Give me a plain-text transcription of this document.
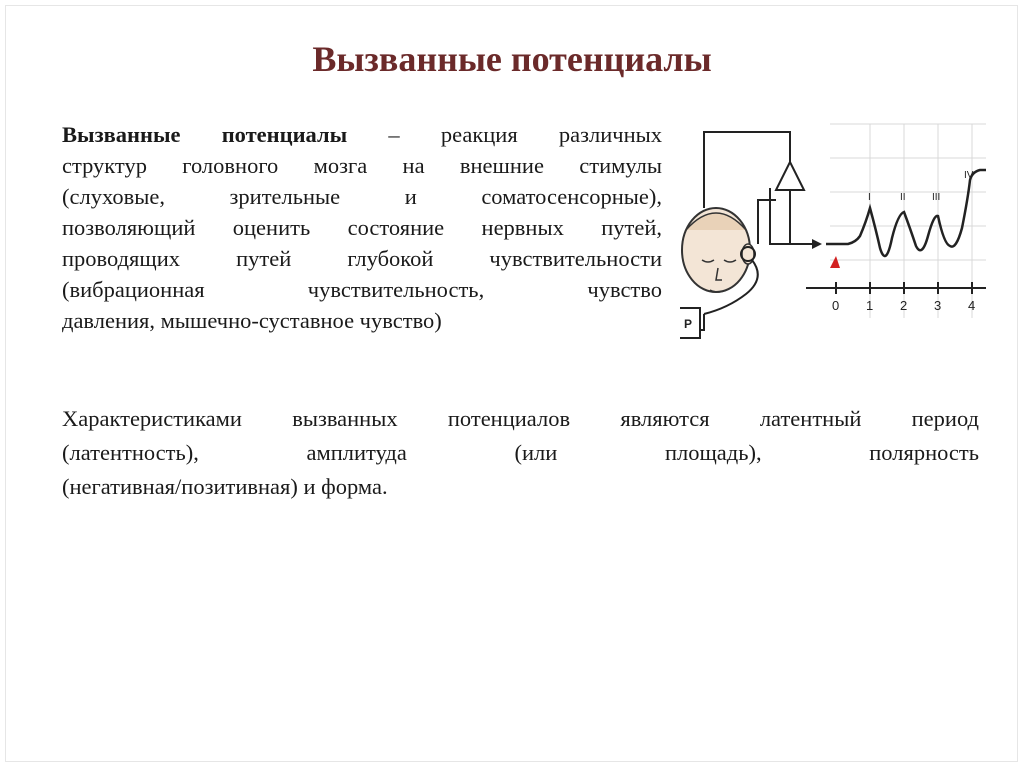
Вызванные потенциалы
Вызванные потенциалы – реакция различных
структур головного мозга на внешние стимулы
(слуховые, зрительные и соматосенсорные),
позволяющий оценить состояние нервных путей,
проводящих путей глубокой чувствительности
(вибрационная чувствительность, чувство
давления, мышечно-суставное чувство)	P
I	II	III
IV
0 1 2 3 4
Характеристиками вызванных потенциалов являются латентный период
(латентность), амплитуда (или площадь), полярность
(негативная/позитивная) и форма.
